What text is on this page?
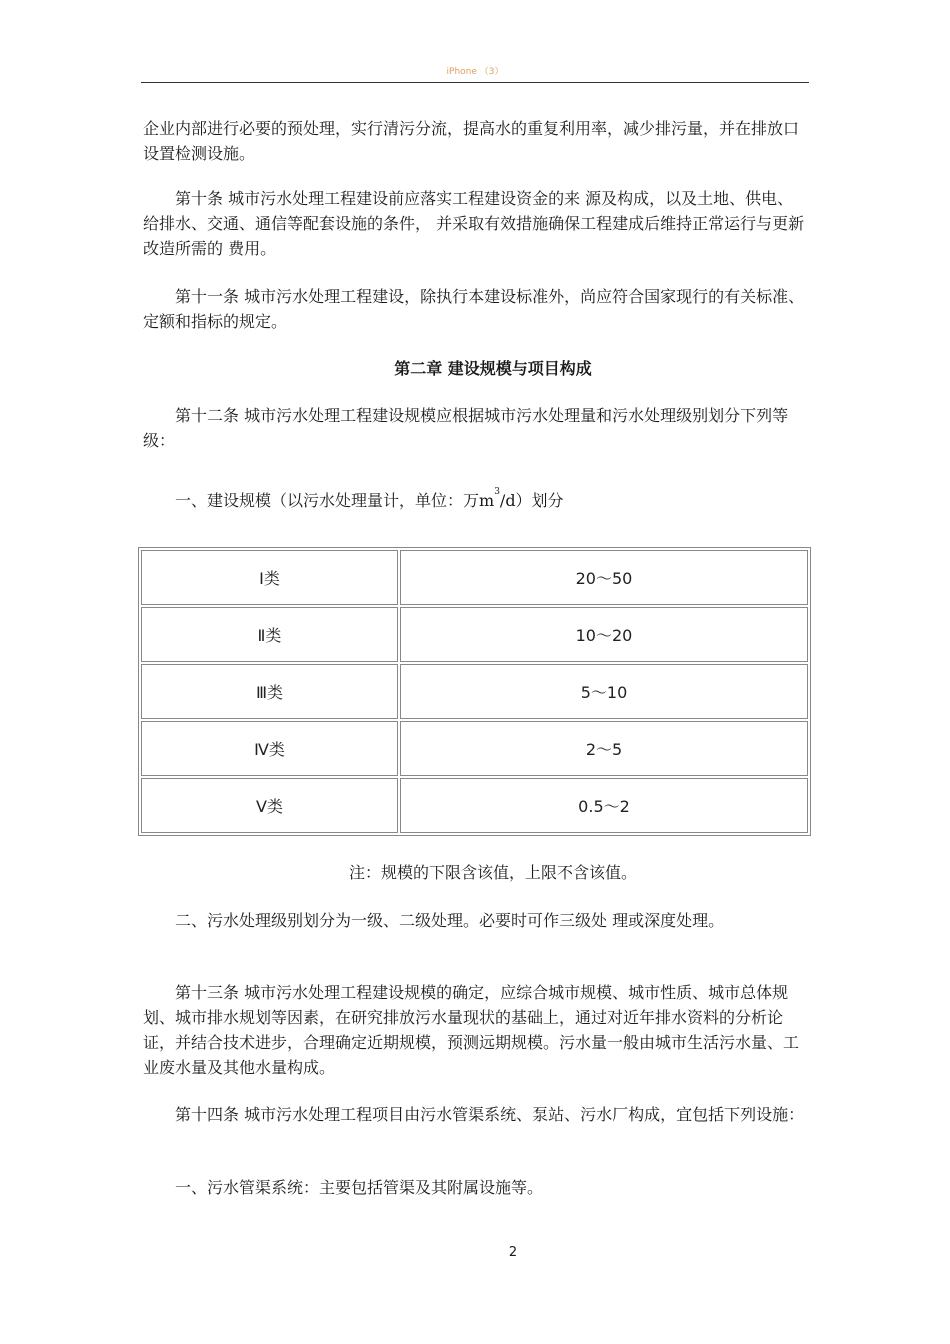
iPhone （3）

企业内部进行必要的预处理，实行清污分流，提高水的重复利用率，减少排污量，并在排放口设置检测设施。

第十条 城市污水处理工程建设前应落实工程建设资金的来 源及构成，以及土地、供电、给排水、交通、通信等配套设施的条件， 并采取有效措施确保工程建成后维持正常运行与更新改造所需的 费用。

第十一条 城市污水处理工程建设，除执行本建设标准外，尚应符合国家现行的有关标准、定额和指标的规定。

第二章 建设规模与项目构成

第十二条 城市污水处理工程建设规模应根据城市污水处理量和污水处理级别划分下列等级：

一、建设规模（以污水处理量计，单位：万$m^3/d$）划分

Ⅰ类	20～50
Ⅱ类	10～20
Ⅲ类	5～10
Ⅳ类	2～5
Ⅴ类	0.5～2
注：规模的下限含该值，上限不含该值。

二、污水处理级别划分为一级、二级处理。必要时可作三级处 理或深度处理。

第十三条 城市污水处理工程建设规模的确定，应综合城市规模、城市性质、城市总体规划、城市排水规划等因素，在研究排放污水量现状的基础上，通过对近年排水资料的分析论证，并结合技术进步，合理确定近期规模，预测远期规模。污水量一般由城市生活污水量、工业废水量及其他水量构成。

第十四条 城市污水处理工程项目由污水管渠系统、泵站、污水厂构成，宜包括下列设施：

一、污水管渠系统：主要包括管渠及其附属设施等。

2
